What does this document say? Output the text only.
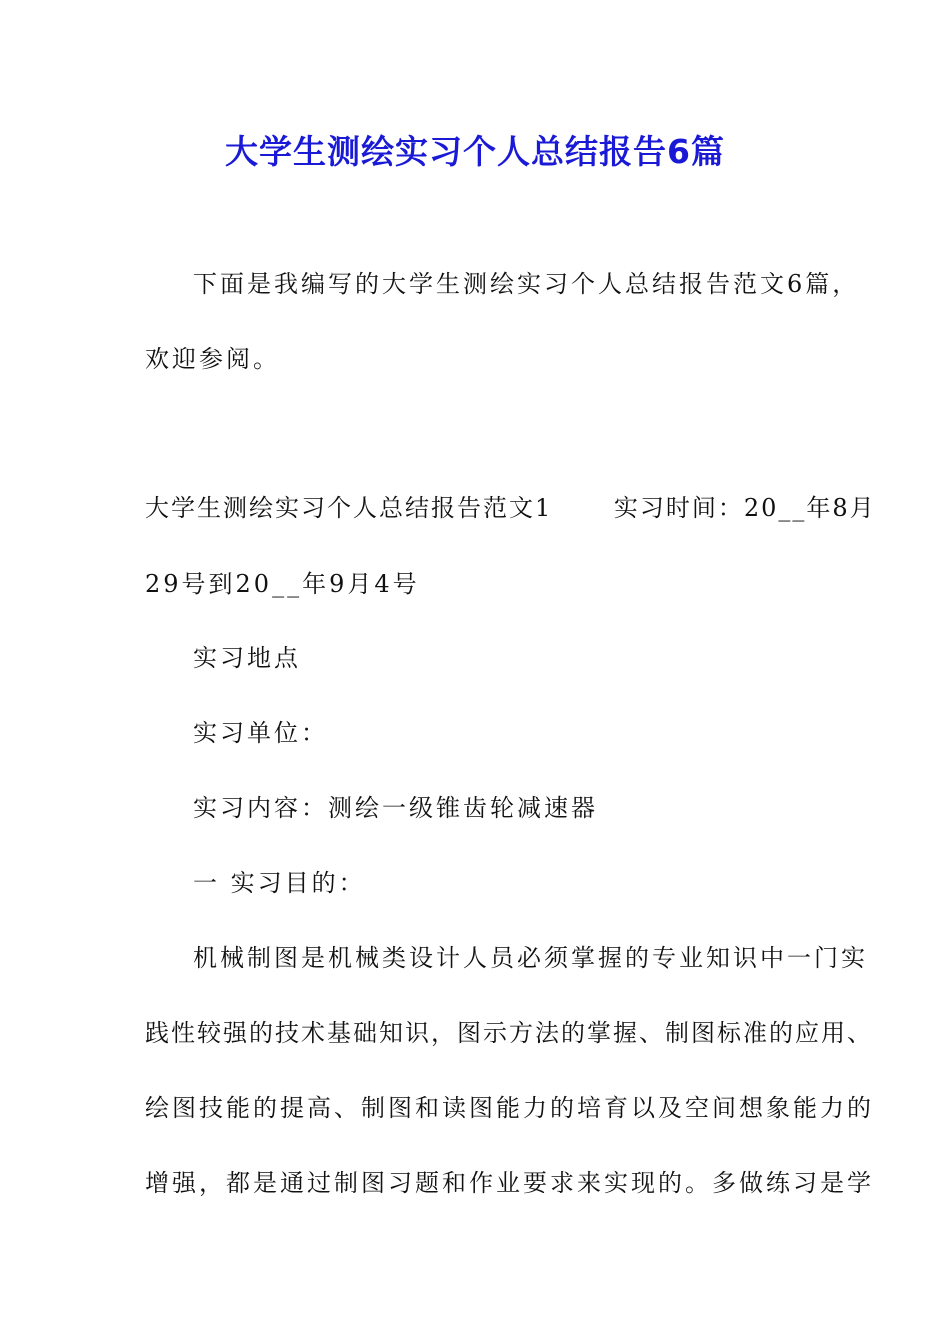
大学生测绘实习个人总结报告6篇
下面是我编写的大学生测绘实习个人总结报告范文6篇，
欢迎参阅。
大学生测绘实习个人总结报告范文1　　 实习时间：20__年8月
29号到20__年9月4号
实习地点
实习单位：
实习内容：测绘一级锥齿轮减速器
一 实习目的：
机械制图是机械类设计人员必须掌握的专业知识中一门实
践性较强的技术基础知识，图示方法的掌握、制图标准的应用、
绘图技能的提高、制图和读图能力的培育以及空间想象能力的
增强，都是通过制图习题和作业要求来实现的。多做练习是学
